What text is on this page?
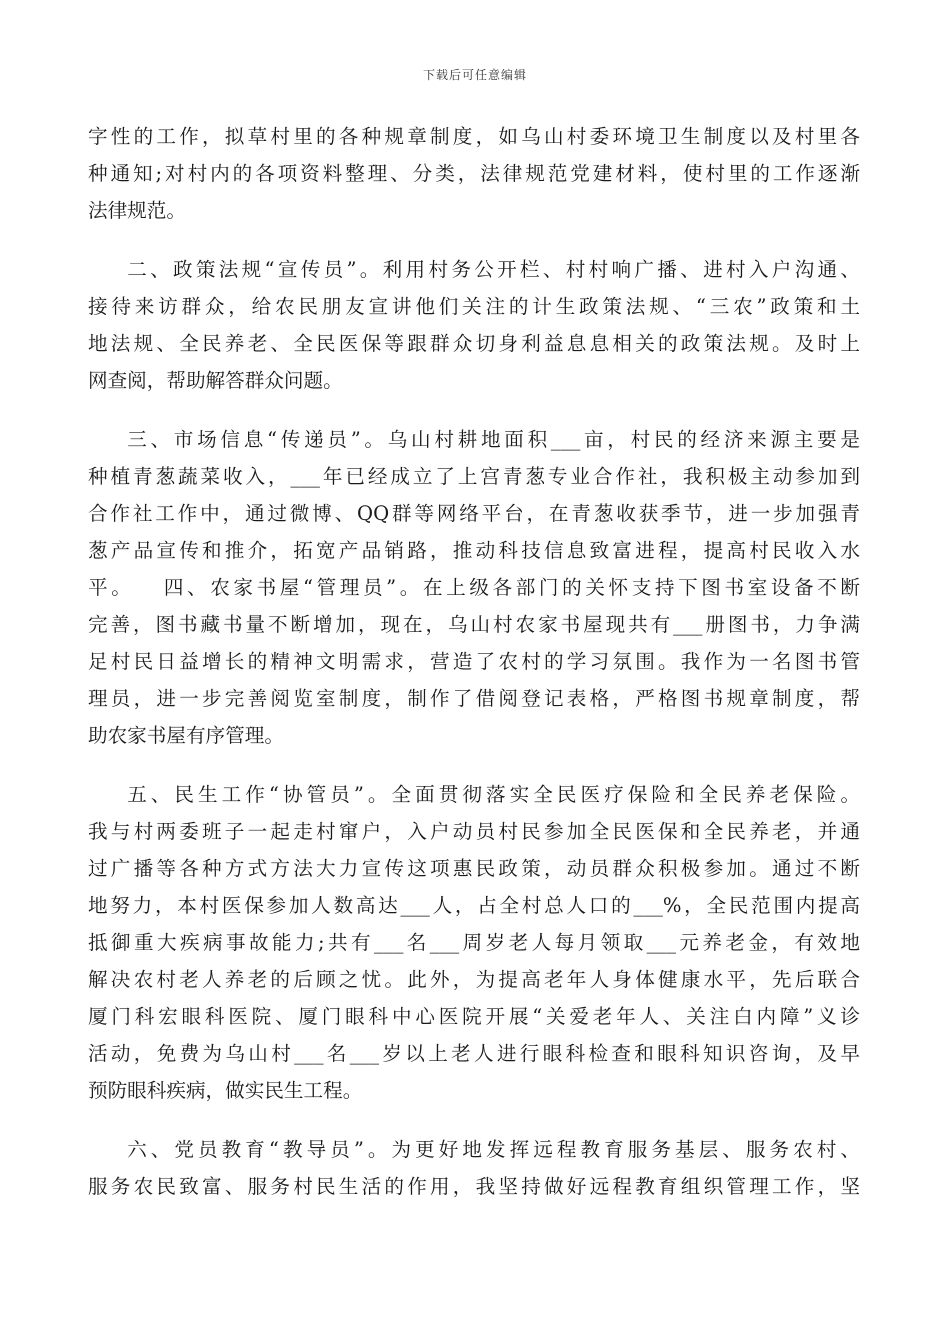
下载后可任意编辑

字性的工作，拟草村里的各种规章制度，如乌山村委环境卫生制度以及村里各
种通知;对村内的各项资料整理、分类，法律规范党建材料，使村里的工作逐渐
法律规范。

二、政策法规“宣传员”。利用村务公开栏、村村响广播、进村入户沟通、
接待来访群众，给农民朋友宣讲他们关注的计生政策法规、“三农”政策和土
地法规、全民养老、全民医保等跟群众切身利益息息相关的政策法规。及时上
网查阅，帮助解答群众问题。

三、市场信息“传递员”。乌山村耕地面积___亩，村民的经济来源主要是
种植青葱蔬菜收入，___年已经成立了上宫青葱专业合作社，我积极主动参加到
合作社工作中，通过微博、QQ群等网络平台，在青葱收获季节，进一步加强青
葱产品宣传和推介，拓宽产品销路，推动科技信息致富进程，提高村民收入水
平。   四、农家书屋“管理员”。在上级各部门的关怀支持下图书室设备不断
完善，图书藏书量不断增加，现在，乌山村农家书屋现共有___册图书，力争满
足村民日益增长的精神文明需求，营造了农村的学习氛围。我作为一名图书管
理员，进一步完善阅览室制度，制作了借阅登记表格，严格图书规章制度，帮
助农家书屋有序管理。

五、民生工作“协管员”。全面贯彻落实全民医疗保险和全民养老保险。
我与村两委班子一起走村窜户，入户动员村民参加全民医保和全民养老，并通
过广播等各种方式方法大力宣传这项惠民政策，动员群众积极参加。通过不断
地努力，本村医保参加人数高达___人，占全村总人口的___%，全民范围内提高
抵御重大疾病事故能力;共有___名___周岁老人每月领取___元养老金，有效地
解决农村老人养老的后顾之忧。此外，为提高老年人身体健康水平，先后联合
厦门科宏眼科医院、厦门眼科中心医院开展“关爱老年人、关注白内障”义诊
活动，免费为乌山村___名___岁以上老人进行眼科检查和眼科知识咨询，及早
预防眼科疾病，做实民生工程。

六、党员教育“教导员”。为更好地发挥远程教育服务基层、服务农村、
服务农民致富、服务村民生活的作用，我坚持做好远程教育组织管理工作，坚
